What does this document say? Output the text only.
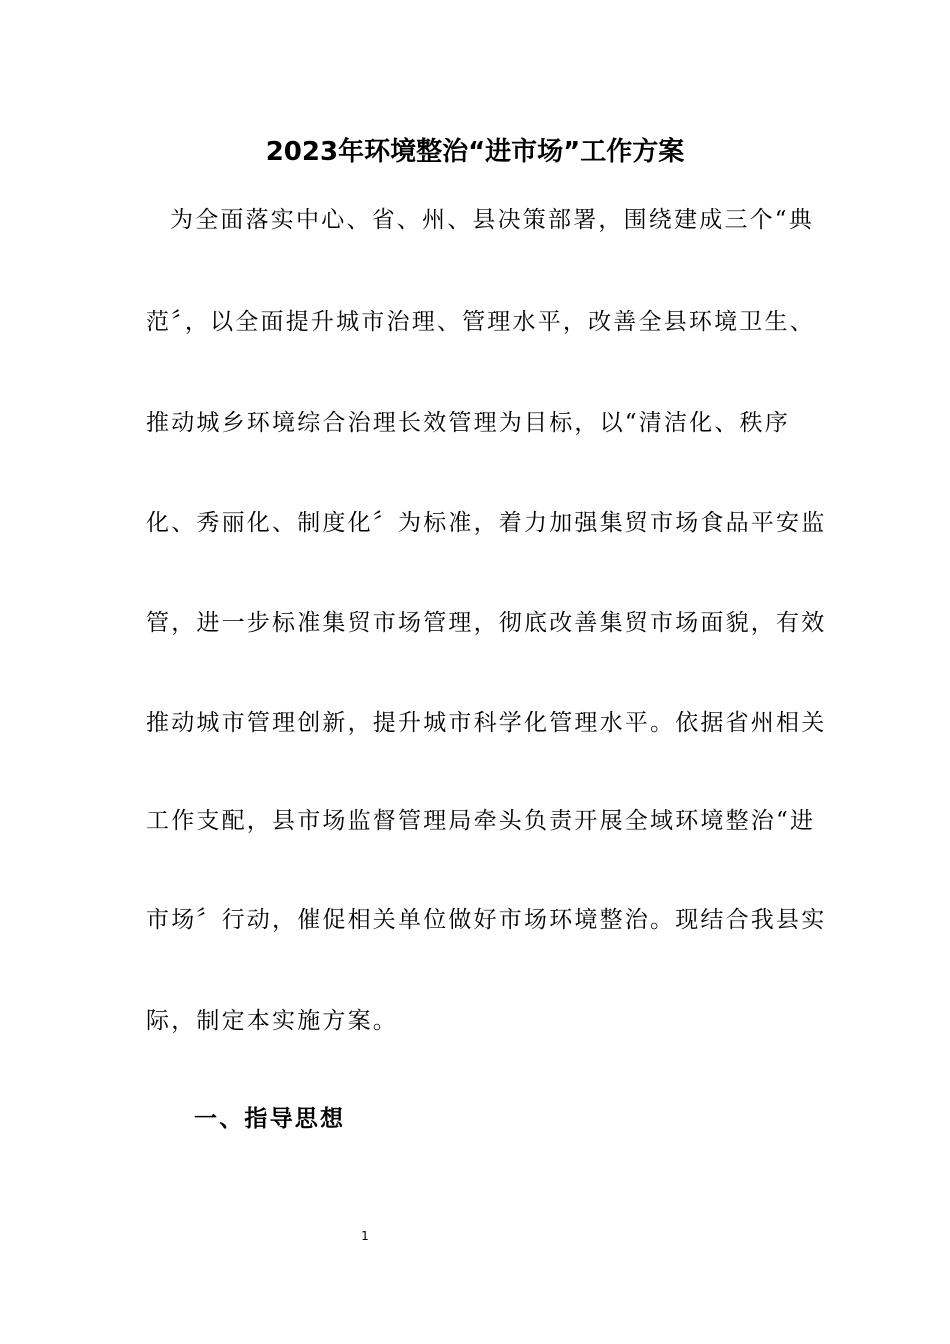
2023年环境整治“进市场”工作方案

为全面落实中心、省、州、县决策部署，围绕建成三个“典

范〞，以全面提升城市治理、管理水平，改善全县环境卫生、

推动城乡环境综合治理长效管理为目标，以“清洁化、秩序

化、秀丽化、制度化〞为标准，着力加强集贸市场食品平安监

管，进一步标准集贸市场管理，彻底改善集贸市场面貌，有效

推动城市管理创新，提升城市科学化管理水平。依据省州相关

工作支配，县市场监督管理局牵头负责开展全域环境整治“进

市场〞行动，催促相关单位做好市场环境整治。现结合我县实

际，制定本实施方案。

一、指导思想
1
